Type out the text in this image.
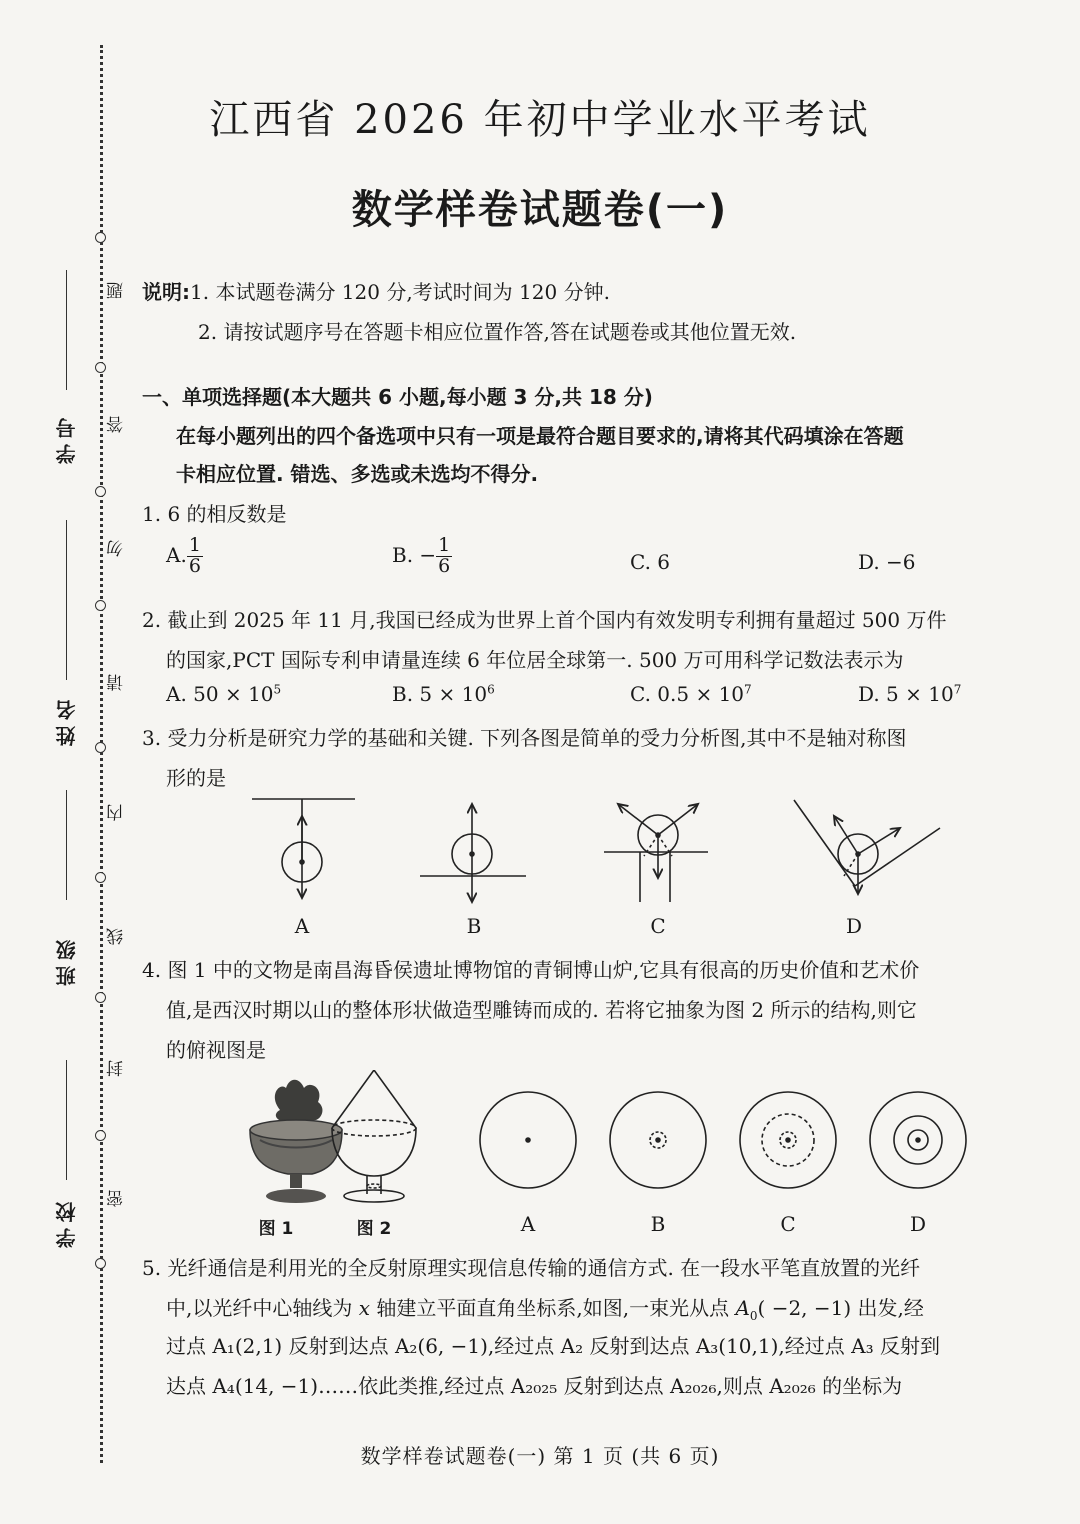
学号
姓名
班级
学校
题
答
勿
请
内
线
封
密
江西省 2026 年初中学业水平考试
数学样卷试题卷(一)
说明:1. 本试题卷满分 120 分,考试时间为 120 分钟.
2. 请按试题序号在答题卡相应位置作答,答在试题卷或其他位置无效.
一、单项选择题(本大题共 6 小题,每小题 3 分,共 18 分)
在每小题列出的四个备选项中只有一项是最符合题目要求的,请将其代码填涂在答题
卡相应位置. 错选、多选或未选均不得分.
1. 6 的相反数是
A. $\frac{1}{6}$	B. − $\frac{1}{6}$	C. 6	D. −6
2. 截止到 2025 年 11 月,我国已经成为世界上首个国内有效发明专利拥有量超过 500 万件
的国家,PCT 国际专利申请量连续 6 年位居全球第一. 500 万可用科学记数法表示为
A. $50 \times 10^5$	B. $5 \times 10^6$	C. $0.5 \times 10^7$	D. $5 \times 10^7$
3. 受力分析是研究力学的基础和关键. 下列各图是简单的受力分析图,其中不是轴对称图
形的是
A	B	C	D
4. 图 1 中的文物是南昌海昏侯遗址博物馆的青铜博山炉,它具有很高的历史价值和艺术价
值,是西汉时期以山的整体形状做造型雕铸而成的. 若将它抽象为图 2 所示的结构,则它
的俯视图是
图 1	图 2	A	B	C	D
5. 光纤通信是利用光的全反射原理实现信息传输的通信方式. 在一段水平笔直放置的光纤
中,以光纤中心轴线为 x 轴建立平面直角坐标系,如图,一束光从点 $A_0( -2$, −1) 出发,经
过点 A₁(2,1) 反射到达点 A₂(6, −1),经过点 A₂ 反射到达点 A₃(10,1),经过点 A₃ 反射到
达点 A₄(14, −1)……依此类推,经过点 A₂₀₂₅ 反射到达点 A₂₀₂₆,则点 A₂₀₂₆ 的坐标为
数学样卷试题卷(一) 第 1 页 (共 6 页)
